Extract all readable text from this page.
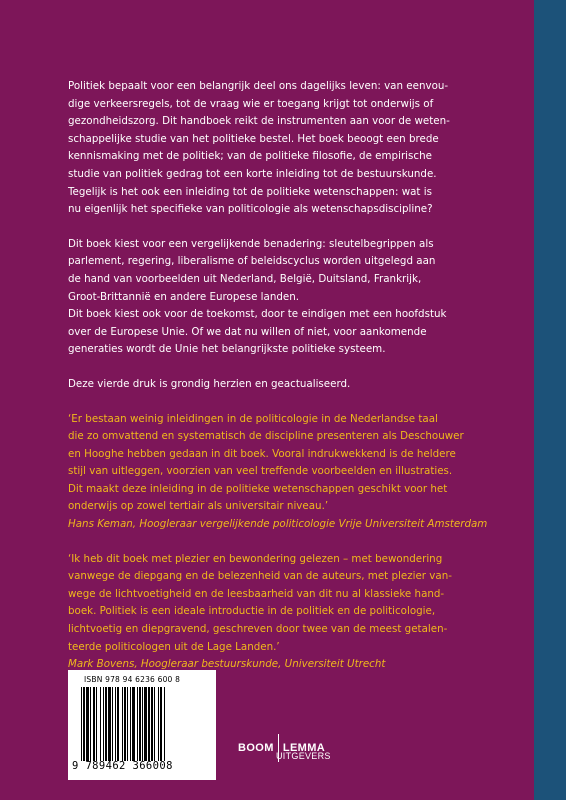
Politiek bepaalt voor een belangrijk deel ons dagelijks leven: van eenvou-
dige verkeersregels, tot de vraag wie er toegang krijgt tot onderwijs of
gezondheidszorg. Dit handboek reikt de instrumenten aan voor de weten-
schappelijke studie van het politieke bestel. Het boek beoogt een brede
kennismaking met de politiek; van de politieke filosofie, de empirische
studie van politiek gedrag tot een korte inleiding tot de bestuurskunde.
Tegelijk is het ook een inleiding tot de politieke wetenschappen: wat is
nu eigenlijk het specifieke van politicologie als wetenschapsdiscipline?

Dit boek kiest voor een vergelijkende benadering: sleutelbegrippen als
parlement, regering, liberalisme of beleidscyclus worden uitgelegd aan
de hand van voorbeelden uit Nederland, België, Duitsland, Frankrijk,
Groot-Brittannië en andere Europese landen.

Dit boek kiest ook voor de toekomst, door te eindigen met een hoofdstuk
over de Europese Unie. Of we dat nu willen of niet, voor aankomende
generaties wordt de Unie het belangrijkste politieke systeem.

Deze vierde druk is grondig herzien en geactualiseerd.

‘Er bestaan weinig inleidingen in de politicologie in de Nederlandse taal
die zo omvattend en systematisch de discipline presenteren als Deschouwer
en Hooghe hebben gedaan in dit boek. Vooral indrukwekkend is de heldere
stijl van uitleggen, voorzien van veel treffende voorbeelden en illustraties.
Dit maakt deze inleiding in de politieke wetenschappen geschikt voor het
onderwijs op zowel tertiair als universitair niveau.’
Hans Keman, Hoogleraar vergelijkende politicologie Vrije Universiteit Amsterdam

‘Ik heb dit boek met plezier en bewondering gelezen – met bewondering
vanwege de diepgang en de belezenheid van de auteurs, met plezier van-
wege de lichtvoetigheid en de leesbaarheid van dit nu al klassieke hand-
boek. Politiek is een ideale introductie in de politiek en de politicologie,
lichtvoetig en diepgravend, geschreven door twee van de meest getalen-
teerde politicologen uit de Lage Landen.’
Mark Bovens, Hoogleraar bestuurskunde, Universiteit Utrecht

ISBN 978 94 6236 600 8
9 789462 366008
BOOM LEMMA
UITGEVERS
